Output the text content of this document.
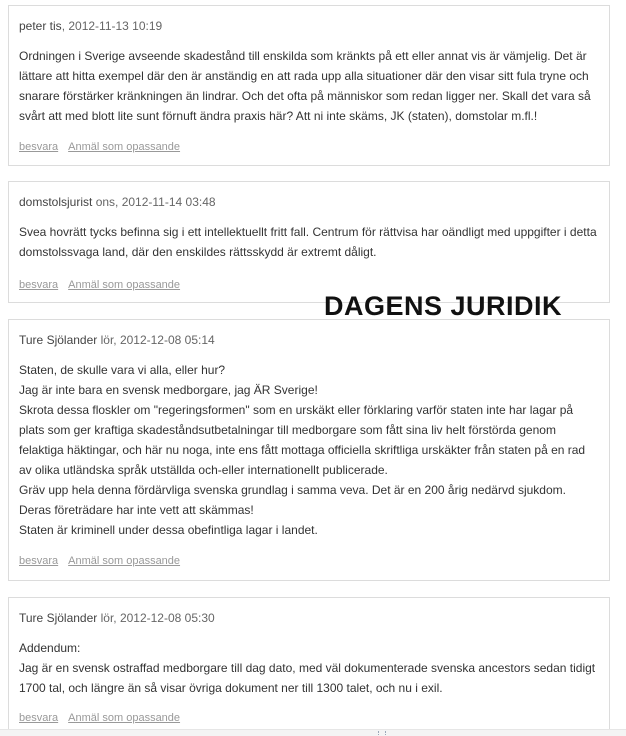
peter tis, 2012-11-13 10:19

Ordningen i Sverige avseende skadestånd till enskilda som kränkts på ett eller annat vis är vämjelig. Det är lättare att hitta exempel där den är anständig en att rada upp alla situationer där den visar sitt fula tryne och snarare förstärker kränkningen än lindrar. Och det ofta på människor som redan ligger ner. Skall det vara så svårt att med blott lite sunt förnuft ändra praxis här? Att ni inte skäms, JK (staten), domstolar m.fl.!

besvara Anmäl som opassande
domstolsjurist ons, 2012-11-14 03:48

Svea hovrätt tycks befinna sig i ett intellektuellt fritt fall. Centrum för rättvisa har oändligt med uppgifter i detta domstolssvaga land, där den enskildes rättsskydd är extremt dåligt.

besvara Anmäl som opassande
DAGENS JURIDIK
Ture Sjölander lör, 2012-12-08 05:14

Staten, de skulle vara vi alla, eller hur?

Jag är inte bara en svensk medborgare, jag ÄR Sverige!

Skrota dessa floskler om "regeringsformen" som en urskäkt eller förklaring varför staten inte har lagar på plats som ger kraftiga skadeståndsutbetalningar till medborgare som fått sina liv helt förstörda genom felaktiga häktingar, och här nu noga, inte ens fått mottaga officiella skriftliga urskäkter från staten på en rad av olika utländska språk utställda och-eller internationellt publicerade.

Gräv upp hela denna fördärvliga svenska grundlag i samma veva. Det är en 200 årig nedärvd sjukdom. Deras företrädare har inte vett att skämmas!

Staten är kriminell under dessa obefintliga lagar i landet.

besvara Anmäl som opassande
Ture Sjölander lör, 2012-12-08 05:30

Addendum:

Jag är en svensk ostraffad medborgare till dag dato, med väl dokumenterade svenska ancestors sedan tidigt 1700 tal, och längre än så visar övriga dokument ner till 1300 talet, och nu i exil.

besvara Anmäl som opassande
